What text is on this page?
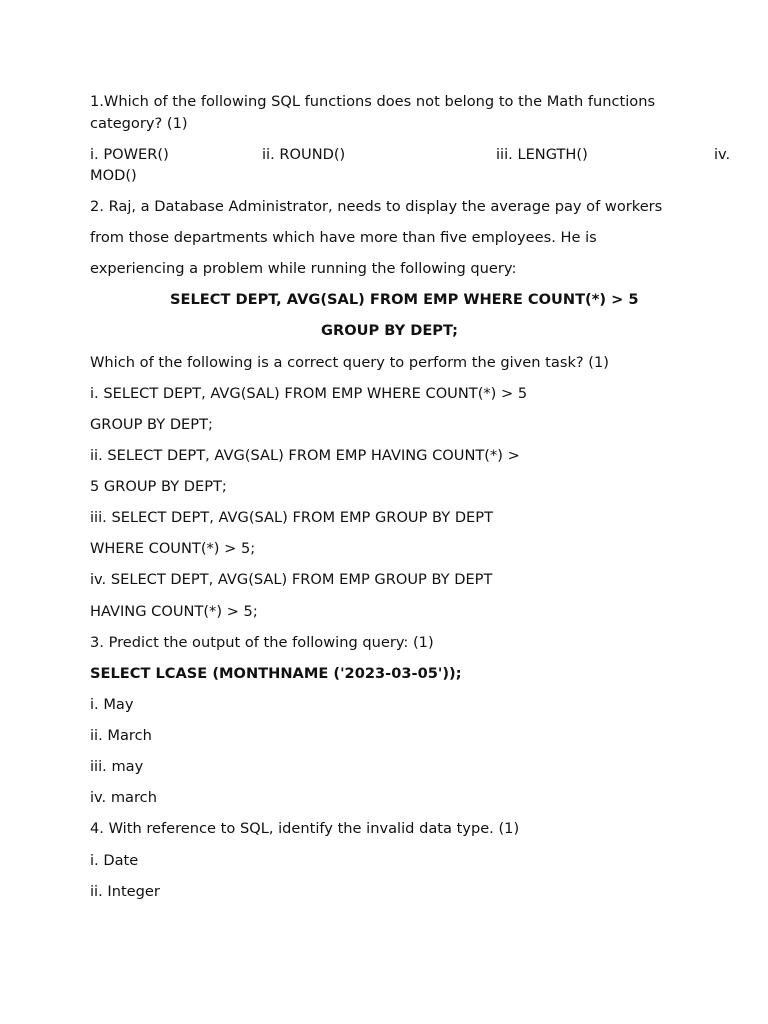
1.Which of the following SQL functions does not belong to the Math functions
category? (1)
i. POWER()	ii. ROUND()	iii. LENGTH()	iv.
MOD()
2. Raj, a Database Administrator, needs to display the average pay of workers
from those departments which have more than five employees. He is
experiencing a problem while running the following query:
SELECT DEPT, AVG(SAL) FROM EMP WHERE COUNT(*) > 5
GROUP BY DEPT;
Which of the following is a correct query to perform the given task? (1)
i. SELECT DEPT, AVG(SAL) FROM EMP WHERE COUNT(*) > 5
GROUP BY DEPT;
ii. SELECT DEPT, AVG(SAL) FROM EMP HAVING COUNT(*) >
5 GROUP BY DEPT;
iii. SELECT DEPT, AVG(SAL) FROM EMP GROUP BY DEPT
WHERE COUNT(*) > 5;
iv. SELECT DEPT, AVG(SAL) FROM EMP GROUP BY DEPT
HAVING COUNT(*) > 5;
3. Predict the output of the following query: (1)
SELECT LCASE (MONTHNAME ('2023-03-05'));
i. May
ii. March
iii. may
iv. march
4. With reference to SQL, identify the invalid data type. (1)
i. Date
ii. Integer
